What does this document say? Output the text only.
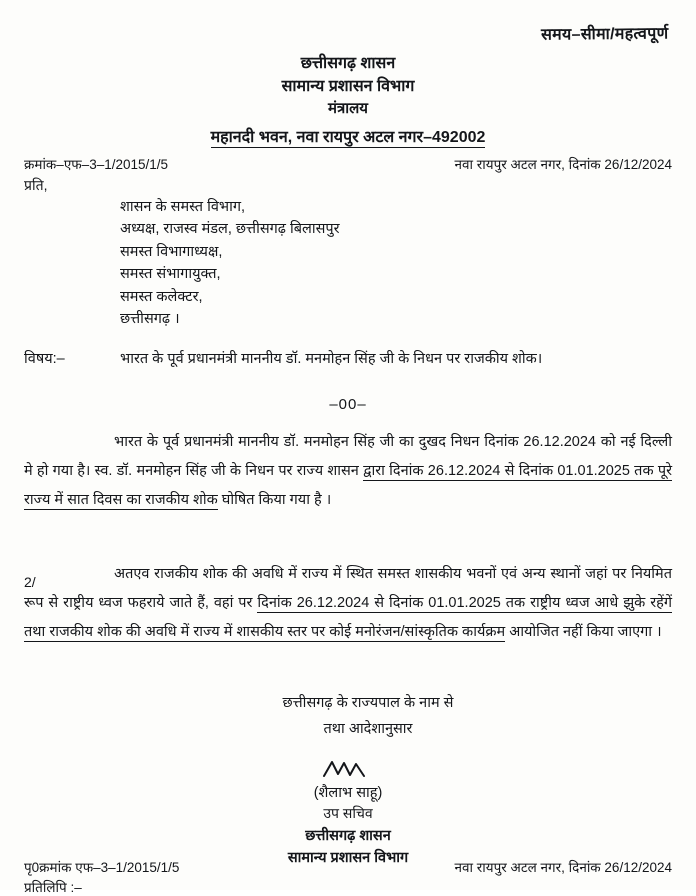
समय–सीमा/महत्वपूर्ण
छत्तीसगढ़ शासन
सामान्य प्रशासन विभाग
मंत्रालय
महानदी भवन, नवा रायपुर अटल नगर–492002
क्रमांक–एफ–3–1/2015/1/5	नवा रायपुर अटल नगर, दिनांक 26/12/2024
प्रति,
शासन के समस्त विभाग,
अध्यक्ष, राजस्व मंडल, छत्तीसगढ़ बिलासपुर
समस्त विभागाध्यक्ष,
समस्त संभागायुक्त,
समस्त कलेक्टर,
छत्तीसगढ़ ।
विषय:–	भारत के पूर्व प्रधानमंत्री माननीय डॉ. मनमोहन सिंह जी के निधन पर राजकीय शोक।
–00–

भारत के पूर्व प्रधानमंत्री माननीय डॉ. मनमोहन सिंह जी का दुखद निधन दिनांक 26.12.2024 को नई दिल्ली मे हो गया है। स्व. डॉ. मनमोहन सिंह जी के निधन पर राज्य शासन द्वारा दिनांक 26.12.2024 से दिनांक 01.01.2025 तक पूरे राज्य में सात दिवस का राजकीय शोक घोषित किया गया है ।

2/	अतएव राजकीय शोक की अवधि में राज्य में स्थित समस्त शासकीय भवनों एवं अन्य स्थानों जहां पर नियमित रूप से राष्ट्रीय ध्वज फहराये जाते हैं, वहां पर दिनांक 26.12.2024 से दिनांक 01.01.2025 तक राष्ट्रीय ध्वज आधे झुके रहेंगें तथा राजकीय शोक की अवधि में राज्य में शासकीय स्तर पर कोई मनोरंजन/सांस्कृतिक कार्यक्रम आयोजित नहीं किया जाएगा ।

छत्तीसगढ़ के राज्यपाल के नाम से
तथा आदेशानुसार
(शैलाभ साहू)
उप सचिव
छत्तीसगढ़ शासन
सामान्य प्रशासन विभाग
पृ0क्रमांक एफ–3–1/2015/1/5	नवा रायपुर अटल नगर, दिनांक 26/12/2024
प्रतिलिपि :–
